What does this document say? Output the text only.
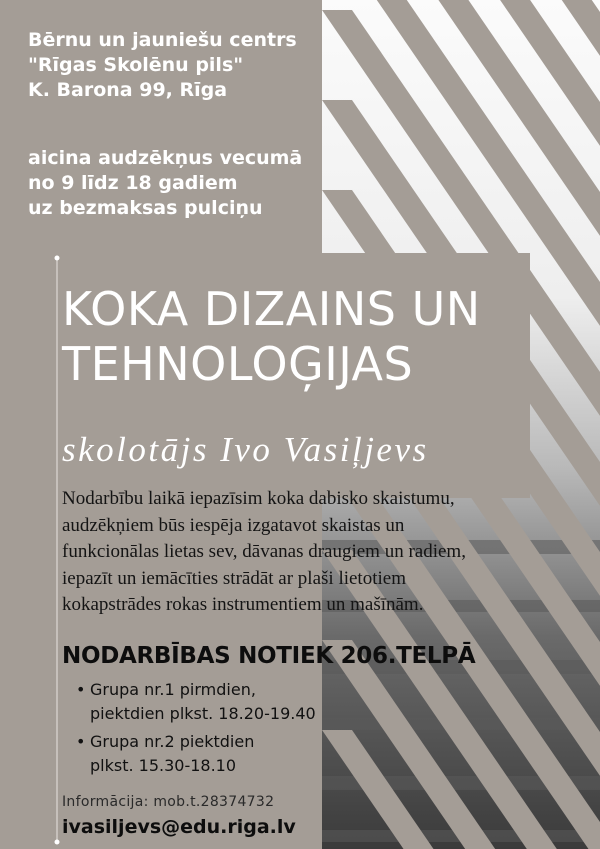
Bērnu un jauniešu centrs
"Rīgas Skolēnu pils"
K. Barona 99, Rīga
aicina audzēkņus vecumā
no 9 līdz 18 gadiem
uz bezmaksas pulciņu
KOKA DIZAINS UN
TEHNOLOĢIJAS
skolotājs Ivo Vasiļjevs
Nodarbību laikā iepazīsim koka dabisko skaistumu,
audzēkņiem būs iespēja izgatavot skaistas un
funkcionālas lietas sev, dāvanas draugiem un radiem,
iepazīt un iemācīties strādāt ar plaši lietotiem
kokapstrādes rokas instrumentiem un mašīnām.
NODARBĪBAS NOTIEK 206.TELPĀ
• Grupa nr.1 pirmdien,
piektdien plkst. 18.20-19.40
• Grupa nr.2 piektdien
plkst. 15.30-18.10
Informācija: mob.t.28374732
ivasiljevs@edu.riga.lv
